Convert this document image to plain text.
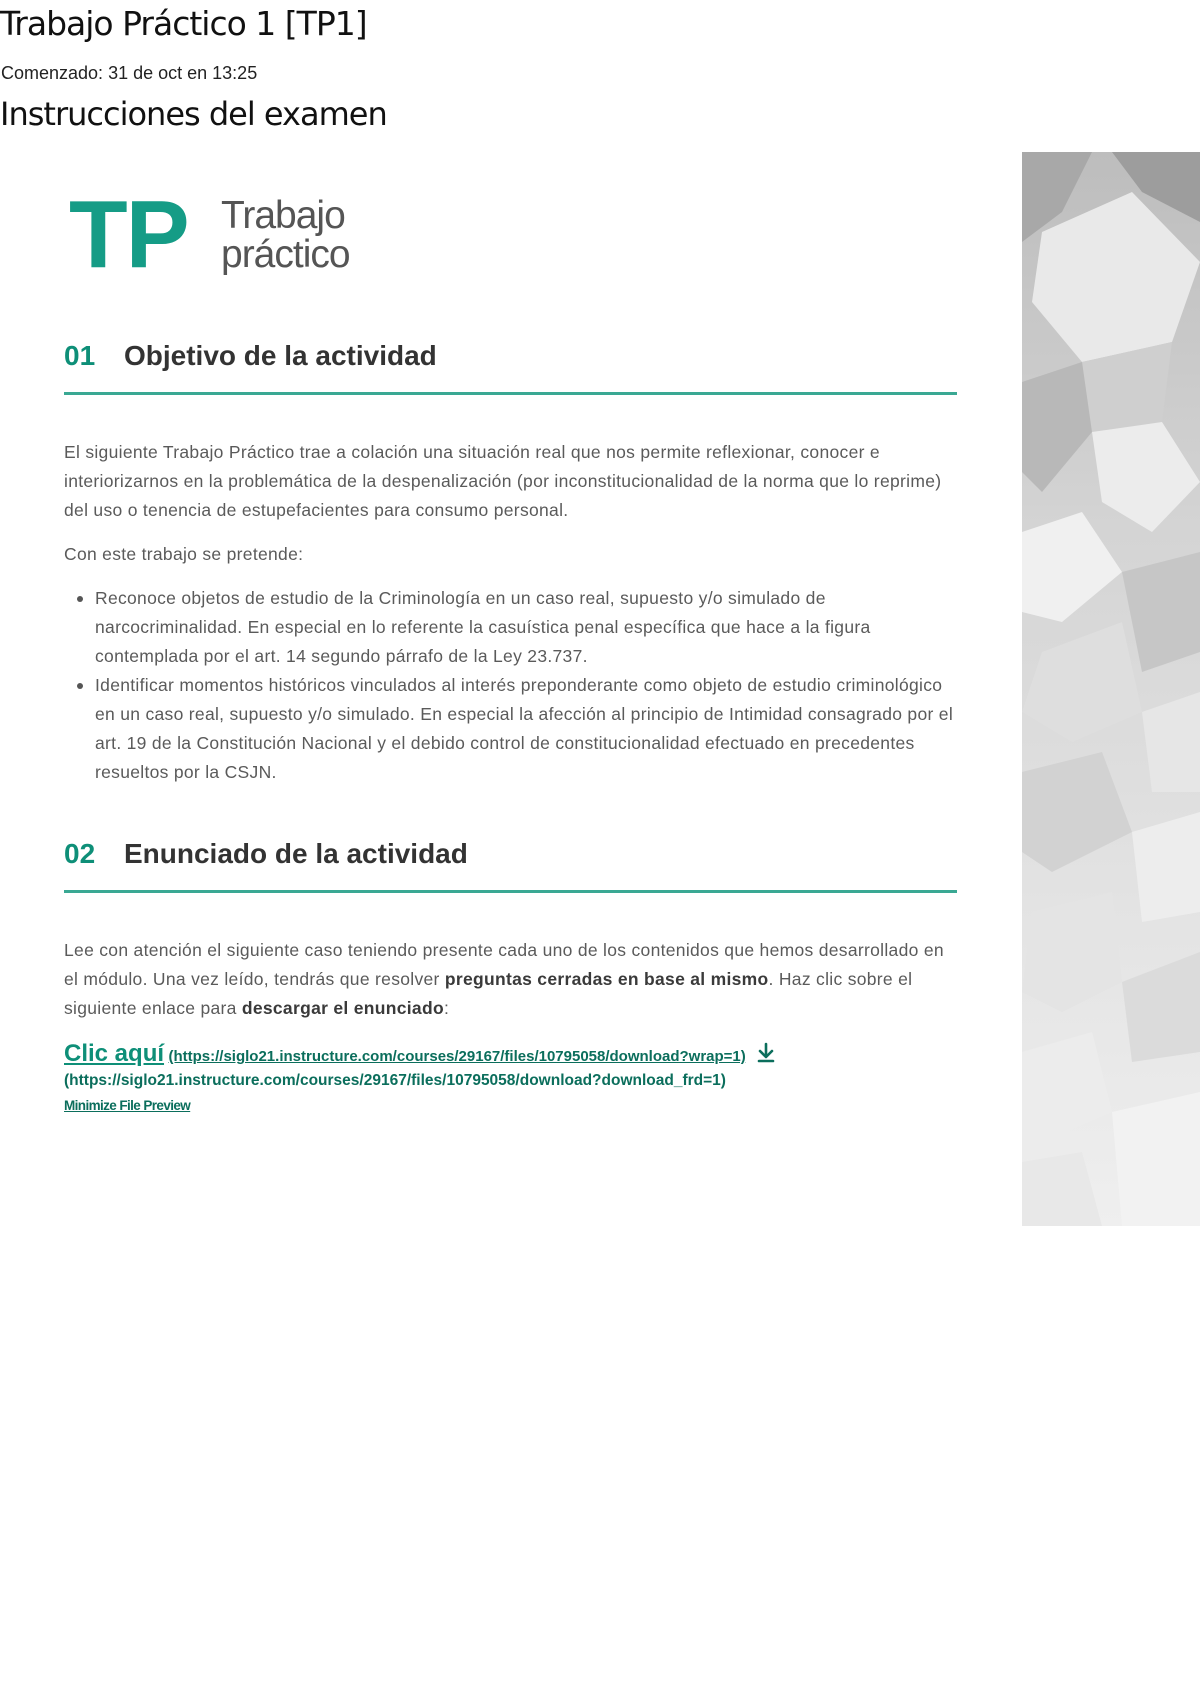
Trabajo Práctico 1 [TP1]
Comenzado: 31 de oct en 13:25
Instrucciones del examen
TP Trabajo
práctico
01 Objetivo de la actividad

El siguiente Trabajo Práctico trae a colación una situación real que nos permite reflexionar, conocer e interiorizarnos en la problemática de la despenalización (por inconstitucionalidad de la norma que lo reprime) del uso o tenencia de estupefacientes para consumo personal.

Con este trabajo se pretende:

Reconoce objetos de estudio de la Criminología en un caso real, supuesto y/o simulado de narcocriminalidad. En especial en lo referente la casuística penal específica que hace a la figura contemplada por el art. 14 segundo párrafo de la Ley 23.737.
Identificar momentos históricos vinculados al interés preponderante como objeto de estudio criminológico en un caso real, supuesto y/o simulado. En especial la afección al principio de Intimidad consagrado por el art. 19 de la Constitución Nacional y el debido control de constitucionalidad efectuado en precedentes resueltos por la CSJN.
02 Enunciado de la actividad

Lee con atención el siguiente caso teniendo presente cada uno de los contenidos que hemos desarrollado en el módulo. Una vez leído, tendrás que resolver preguntas cerradas en base al mismo. Haz clic sobre el siguiente enlace para descargar el enunciado:

Clic aquí (https://siglo21.instructure.com/courses/29167/files/10795058/download?wrap=1)
(https://siglo21.instructure.com/courses/29167/files/10795058/download?download_frd=1)
Minimize File Preview
